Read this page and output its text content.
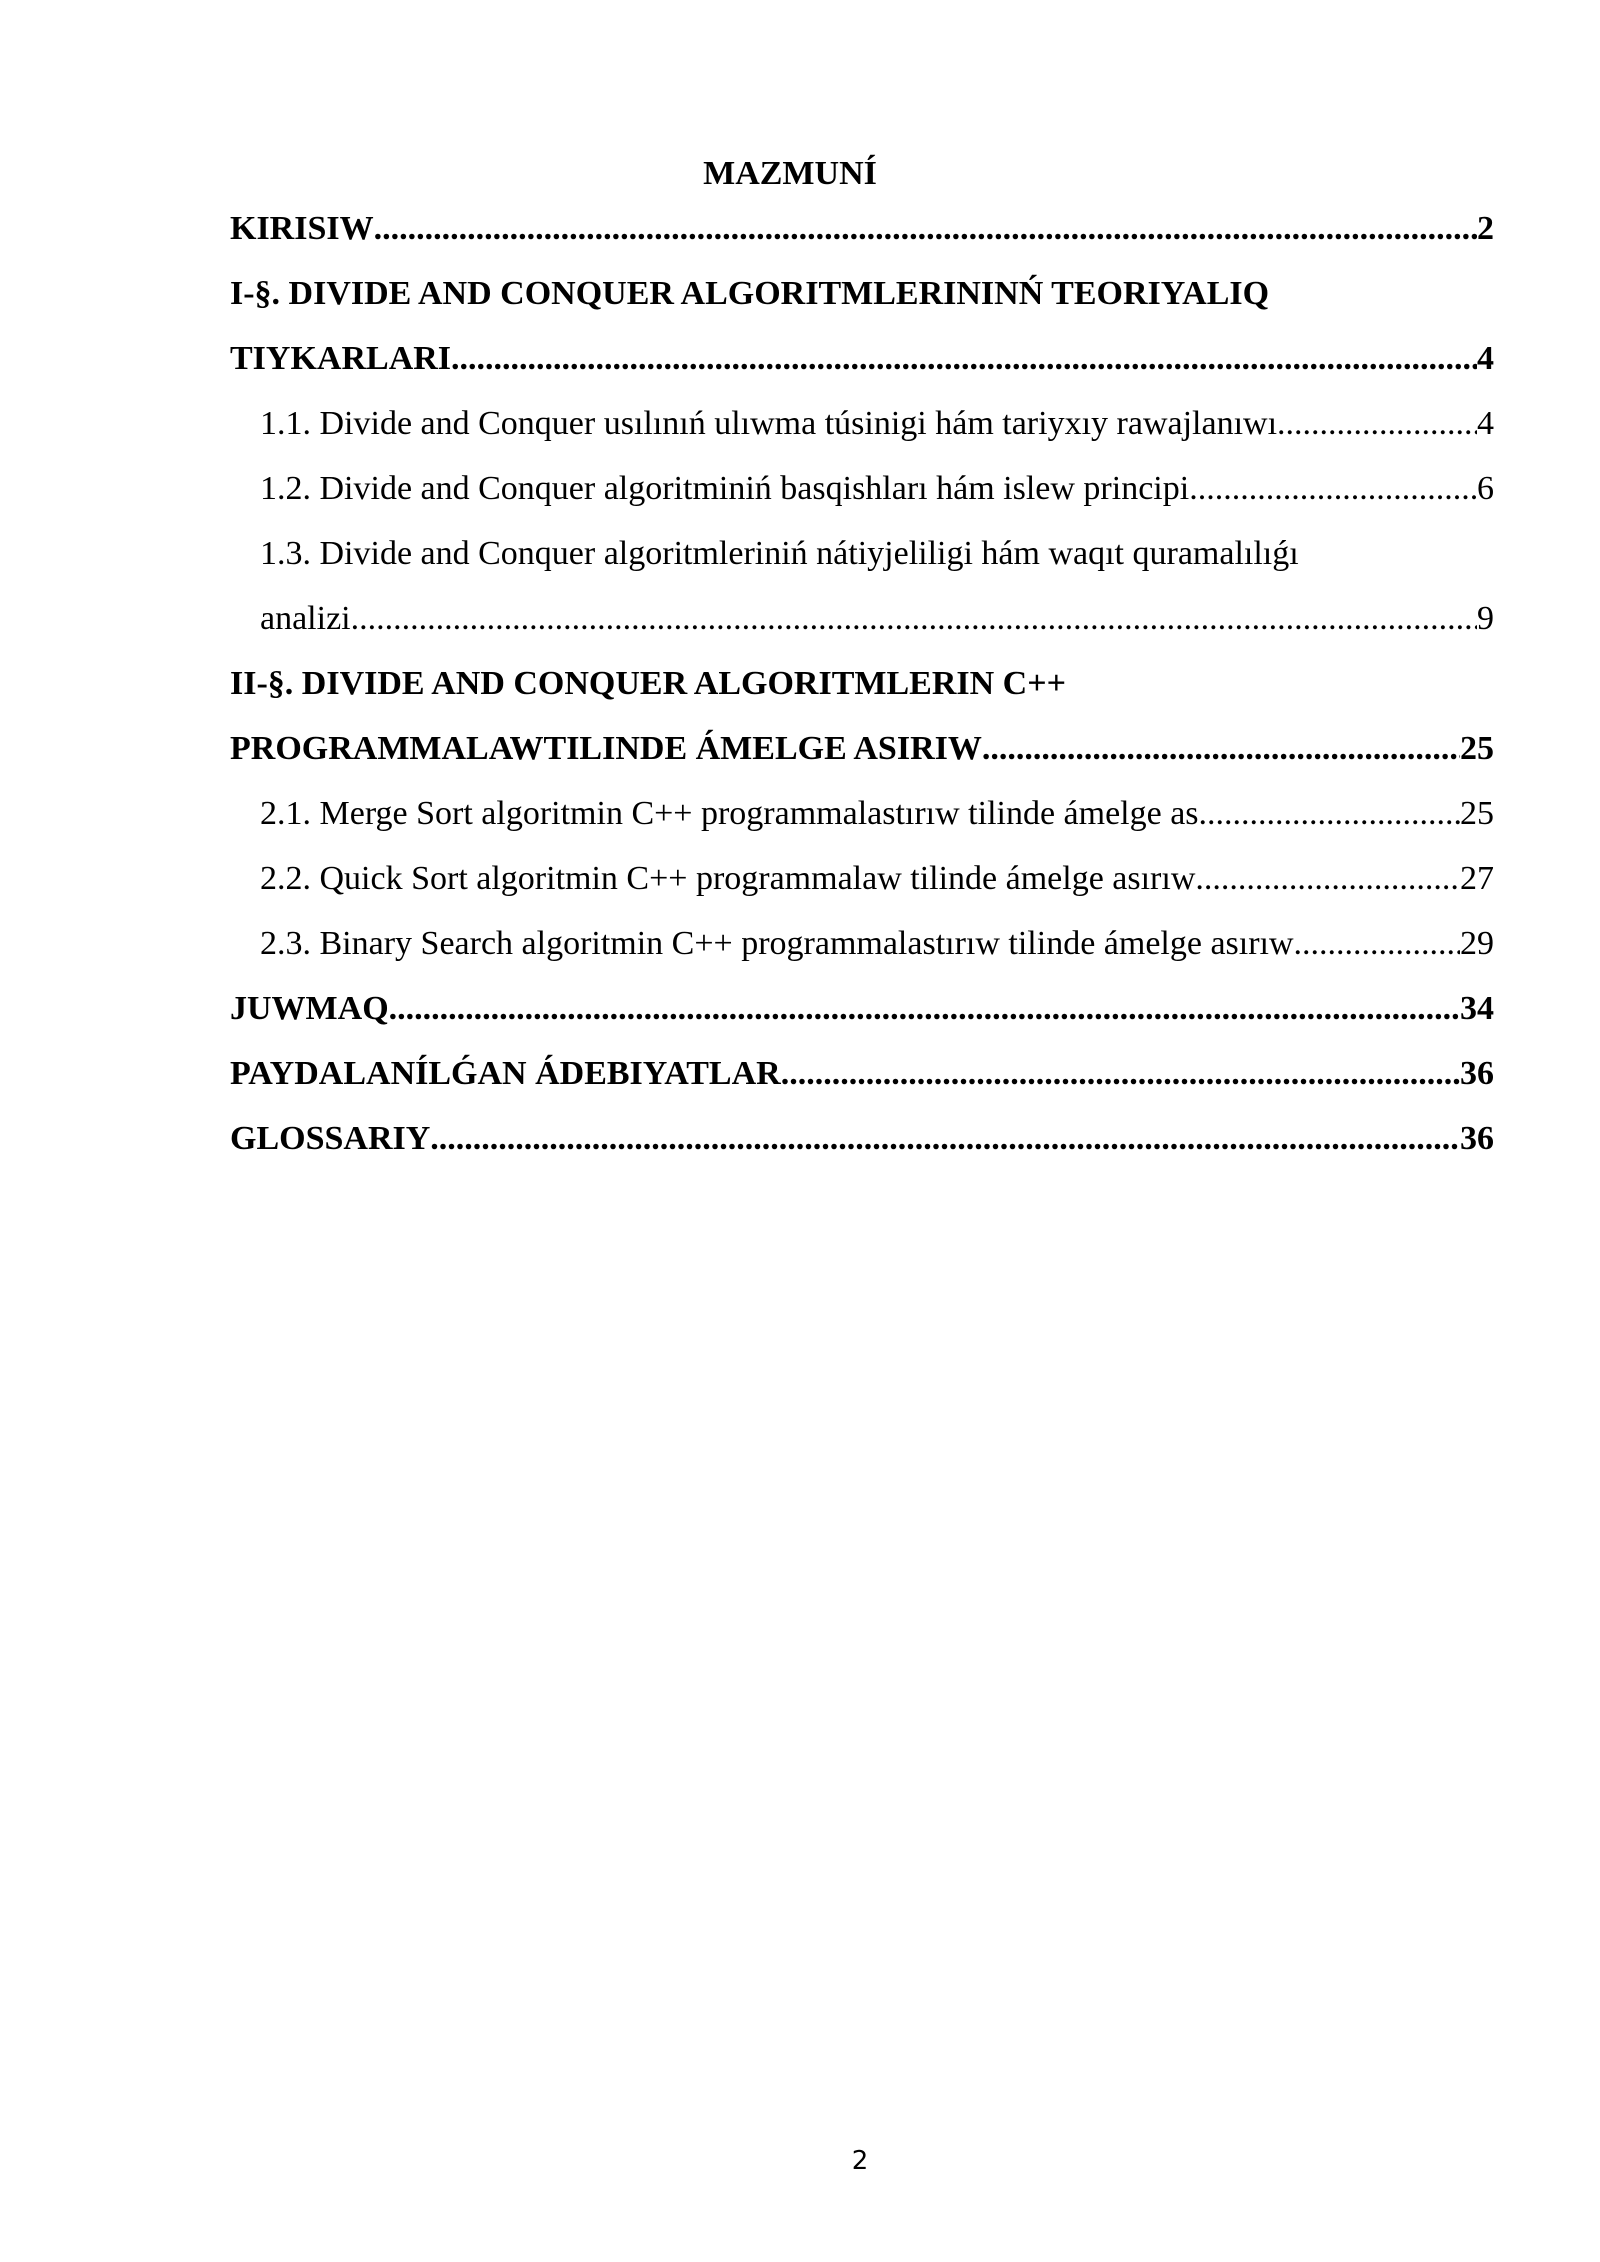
MAZMUNÍ
KIRISIW .....	2
I-§. DIVIDE AND CONQUER ALGORITMLERININŃ TEORIYALIQ
TIYKARLARI .....	4
1.1. Divide and Conquer usılınıń ulıwma túsinigi hám tariyxıy rawajlanıwı .....	4
1.2. Divide and Conquer algoritminiń basqishları hám islew principi .....	6
1.3. Divide and Conquer algoritmleriniń nátiyjeliligi hám waqıt quramalılıǵı
analizi .....	9
II-§. DIVIDE AND CONQUER ALGORITMLERIN C++
PROGRAMMALAWTILINDE ÁMELGE ASIRIW .....	25
2.1. Merge Sort algoritmin C++ programmalastırıw tilinde ámelge as .....	25
2.2. Quick Sort algoritmin C++ programmalaw tilinde ámelge asırıw .....	27
2.3. Binary Search algoritmin C++ programmalastırıw tilinde ámelge asırıw .....	29
JUWMAQ .....	34
PAYDALANÍLǴAN ÁDEBIYATLAR .....	36
GLOSSARIY .....	36
2
